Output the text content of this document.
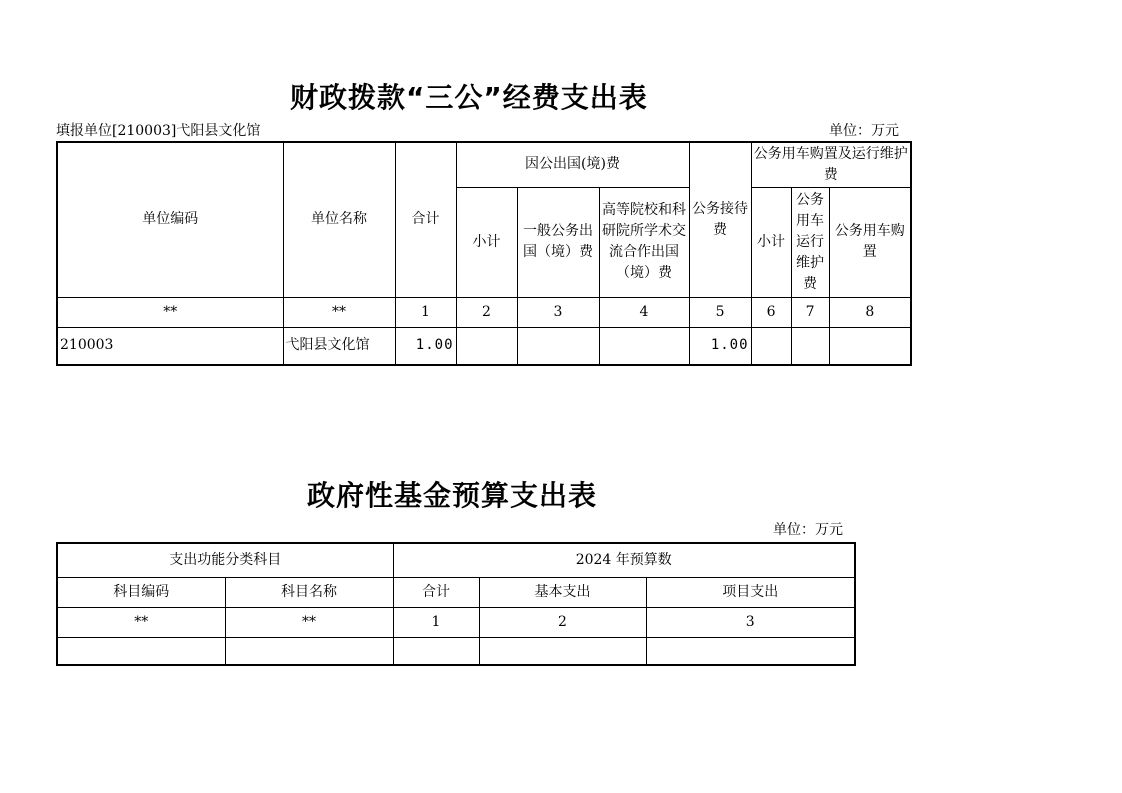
财政拨款“三公”经费支出表
填报单位[210003]弋阳县文化馆	单位：万元
单位编码	单位名称	合计	因公出国(境)费			公务接待费	公务用车购置及运行维护费		
			小计	一般公务出国（境）费	高等院校和科研院所学术交流合作出国（境）费		小计	公务用车运行维护费	公务用车购置
**	**	1	2	3	4	5	6	7	8
210003	弋阳县文化馆	1.00				1.00			
政府性基金预算支出表
单位：万元
支出功能分类科目		2024 年预算数		
科目编码	科目名称	合计	基本支出	项目支出
**	**	1	2	3
